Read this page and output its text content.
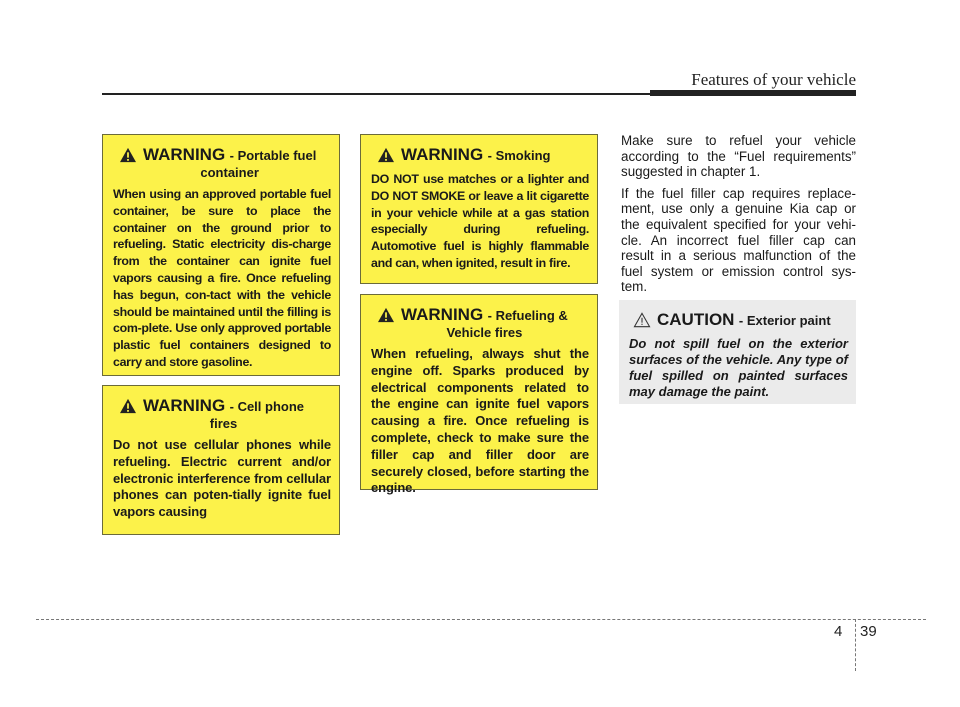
Features of your vehicle
WARNING - Portable fuel
container
When using an approved portable fuel container, be sure to place the container on the ground prior to refueling. Static electricity dis-charge from the container can ignite fuel vapors causing a fire. Once refueling has begun, con-tact with the vehicle should be maintained until the filling is com-plete. Use only approved portable plastic fuel containers designed to carry and store gasoline.
WARNING - Cell phone
fires
Do not use cellular phones while refueling. Electric current and/or electronic interference from cellular phones can poten-tially ignite fuel vapors causing
WARNING - Smoking
DO NOT use matches or a lighter and DO NOT SMOKE or leave a lit cigarette in your vehicle while at a gas station especially during refueling. Automotive fuel is highly flammable and can, when ignited, result in fire.
WARNING - Refueling &
Vehicle fires
When refueling, always shut the engine off. Sparks produced by electrical components related to the engine can ignite fuel vapors causing a fire. Once refueling is complete, check to make sure the filler cap and filler door are securely closed, before starting the engine.

Make sure to refuel your vehicle according to the “Fuel requirements” suggested in chapter 1.

If the fuel filler cap requires replace-ment, use only a genuine Kia cap or the equivalent specified for your vehi-cle. An incorrect fuel filler cap can result in a serious malfunction of the fuel system or emission control sys-tem.

CAUTION - Exterior paint
Do not spill fuel on the exterior surfaces of the vehicle. Any type of fuel spilled on painted surfaces may damage the paint.
4 39
